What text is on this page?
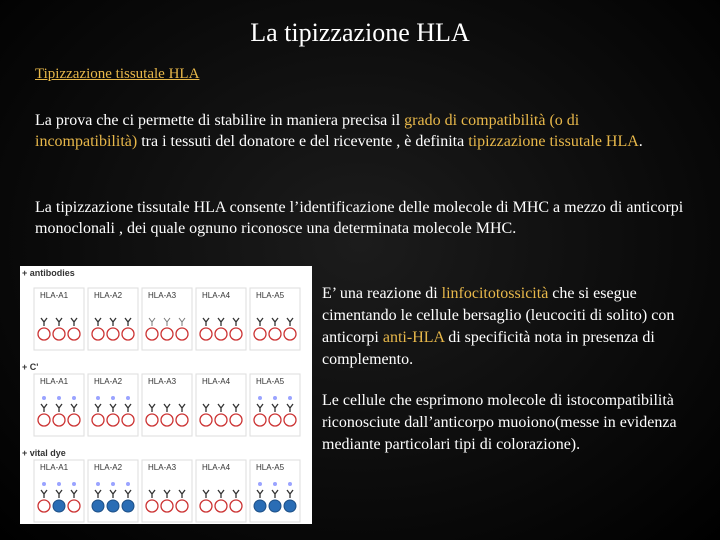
La tipizzazione HLA

Tipizzazione tissutale HLA

La prova che ci permette di stabilire in maniera precisa il grado di compatibilità (o di incompatibilità) tra i tessuti del donatore e del ricevente , è definita tipizzazione tissutale HLA.

La tipizzazione tissutale HLA consente l’identificazione delle molecole di MHC a mezzo di anticorpi monoclonali , dei quale ognuno riconosce una determinata molecole MHC.

+ antibodies
+ C'
+ vital dye
HLA-A1	HLA-A2	HLA-A3	HLA-A4	HLA-A5
HLA-A1	HLA-A2	HLA-A3	HLA-A4	HLA-A5
HLA-A1	HLA-A2	HLA-A3	HLA-A4	HLA-A5

E’ una reazione di linfocitotossicità che si esegue cimentando le cellule bersaglio (leucociti di solito) con anticorpi anti-HLA di specificità nota in presenza di complemento.

Le cellule che esprimono molecole di istocompatibilità riconosciute dall’anticorpo muoiono(messe in evidenza mediante particolari tipi di colorazione).
